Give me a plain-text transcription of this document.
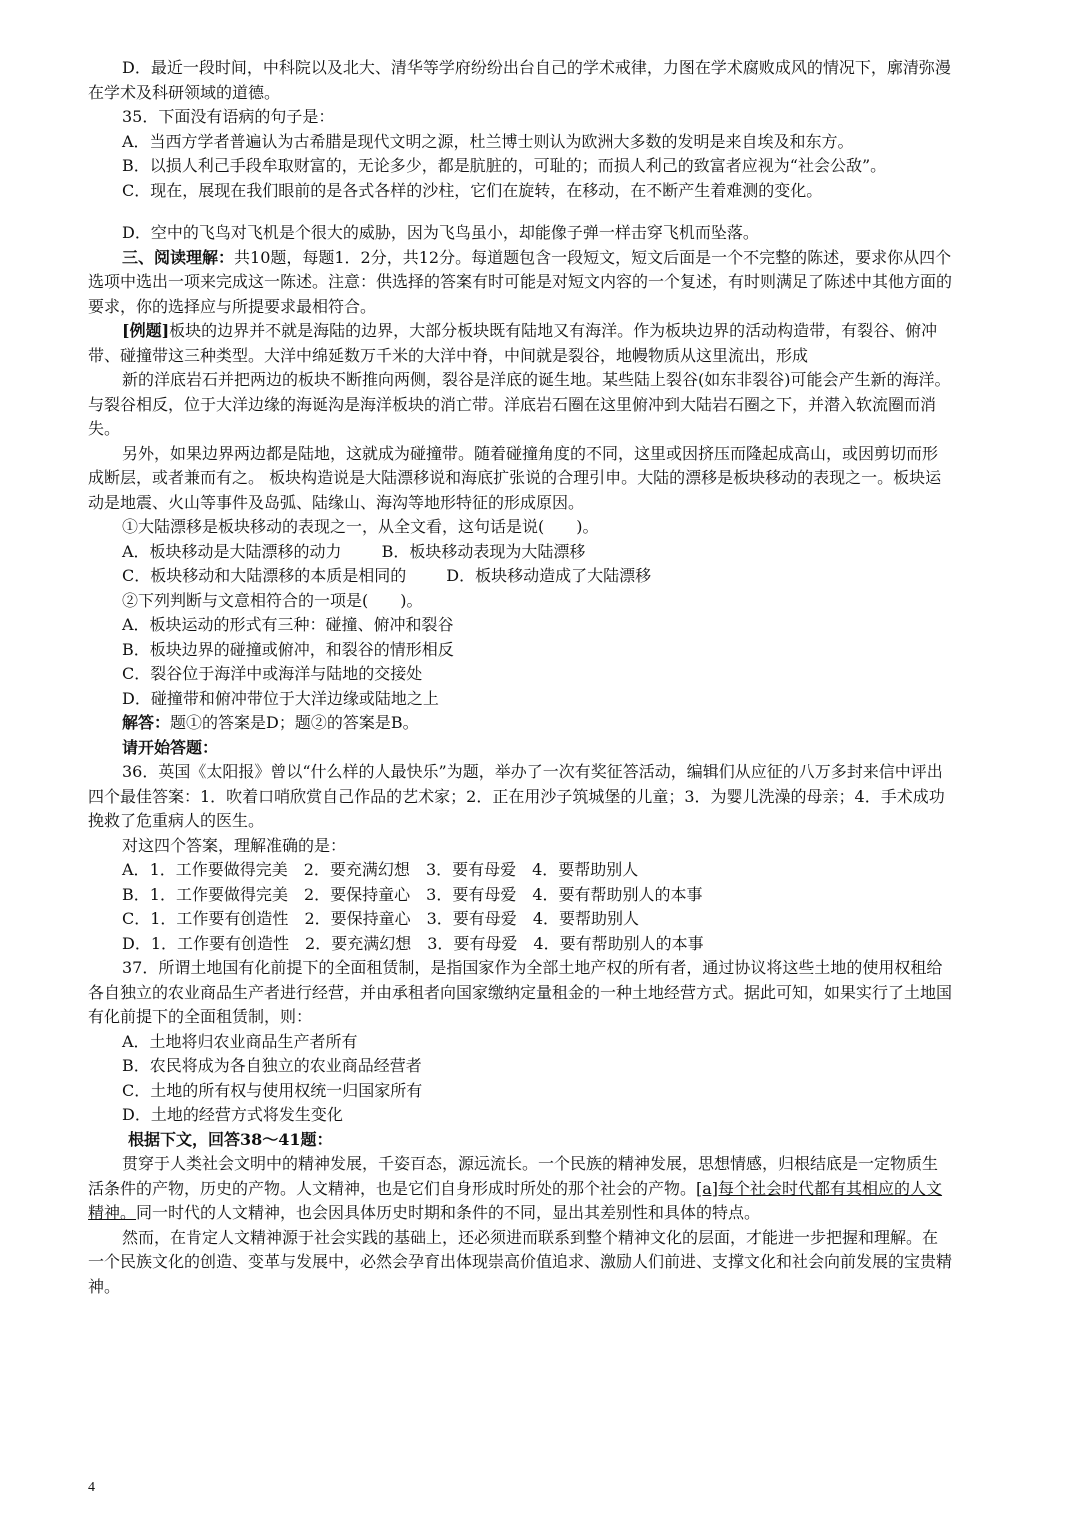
D．最近一段时间，中科院以及北大、清华等学府纷纷出台自己的学术戒律，力图在学术腐败成风的情况下，廓清弥漫在学术及科研领域的道德。

35．下面没有语病的句子是：

A．当西方学者普遍认为古希腊是现代文明之源，杜兰博士则认为欧洲大多数的发明是来自埃及和东方。

B．以损人利己手段牟取财富的，无论多少，都是肮脏的，可耻的；而损人利己的致富者应视为“社会公敌”。

C．现在，展现在我们眼前的是各式各样的沙柱，它们在旋转，在移动，在不断产生着难测的变化。

D．空中的飞鸟对飞机是个很大的威胁，因为飞鸟虽小，却能像子弹一样击穿飞机而坠落。

三、阅读理解：共10题，每题1．2分，共12分。每道题包含一段短文，短文后面是一个不完整的陈述，要求你从四个选项中选出一项来完成这一陈述。注意：供选择的答案有时可能是对短文内容的一个复述，有时则满足了陈述中其他方面的要求，你的选择应与所提要求最相符合。

[例题]板块的边界并不就是海陆的边界，大部分板块既有陆地又有海洋。作为板块边界的活动构造带，有裂谷、俯冲带、碰撞带这三种类型。大洋中绵延数万千米的大洋中脊，中间就是裂谷，地幔物质从这里流出，形成

新的洋底岩石并把两边的板块不断推向两侧，裂谷是洋底的诞生地。某些陆上裂谷(如东非裂谷)可能会产生新的海洋。与裂谷相反，位于大洋边缘的海诞沟是海洋板块的消亡带。洋底岩石圈在这里俯冲到大陆岩石圈之下，并潜入软流圈而消失。

另外，如果边界两边都是陆地，这就成为碰撞带。随着碰撞角度的不同，这里或因挤压而隆起成高山，或因剪切而形成断层，或者兼而有之。 板块构造说是大陆漂移说和海底扩张说的合理引申。大陆的漂移是板块移动的表现之一。板块运动是地震、火山等事件及岛弧、陆缘山、海沟等地形特征的形成原因。

①大陆漂移是板块移动的表现之一，从全文看，这句话是说(　　)。

A．板块移动是大陆漂移的动力	B．板块移动表现为大陆漂移

C．板块移动和大陆漂移的本质是相同的	D．板块移动造成了大陆漂移

②下列判断与文意相符合的一项是(　　)。

A．板块运动的形式有三种：碰撞、俯冲和裂谷

B．板块边界的碰撞或俯冲，和裂谷的情形相反

C．裂谷位于海洋中或海洋与陆地的交接处

D．碰撞带和俯冲带位于大洋边缘或陆地之上

解答：题①的答案是D；题②的答案是B。

请开始答题：

36．英国《太阳报》曾以“什么样的人最快乐”为题，举办了一次有奖征答活动，编辑们从应征的八万多封来信中评出四个最佳答案：1．吹着口哨欣赏自己作品的艺术家；2．正在用沙子筑城堡的儿童；3．为婴儿洗澡的母亲；4．手术成功挽救了危重病人的医生。

对这四个答案，理解准确的是：

A．1．工作要做得完美  2．要充满幻想  3．要有母爱  4．要帮助别人

B．1．工作要做得完美  2．要保持童心  3．要有母爱  4．要有帮助别人的本事

C．1．工作要有创造性  2．要保持童心  3．要有母爱  4．要帮助别人

D．1．工作要有创造性  2．要充满幻想  3．要有母爱  4．要有帮助别人的本事

37．所谓土地国有化前提下的全面租赁制，是指国家作为全部土地产权的所有者，通过协议将这些土地的使用权租给各自独立的农业商品生产者进行经营，并由承租者向国家缴纳定量租金的一种土地经营方式。据此可知，如果实行了土地国有化前提下的全面租赁制，则：

A．土地将归农业商品生产者所有

B．农民将成为各自独立的农业商品经营者

C．土地的所有权与使用权统一归国家所有

D．土地的经营方式将发生变化

根据下文，回答38～41题：

贯穿于人类社会文明中的精神发展，千姿百态，源远流长。一个民族的精神发展，思想情感，归根结底是一定物质生活条件的产物，历史的产物。人文精神，也是它们自身形成时所处的那个社会的产物。[a]每个社会时代都有其相应的人文精神。同一时代的人文精神，也会因具体历史时期和条件的不同，显出其差别性和具体的特点。

然而，在肯定人文精神源于社会实践的基础上，还必须进而联系到整个精神文化的层面，才能进一步把握和理解。在一个民族文化的创造、变革与发展中，必然会孕育出体现崇高价值追求、激励人们前进、支撑文化和社会向前发展的宝贵精神。

4
